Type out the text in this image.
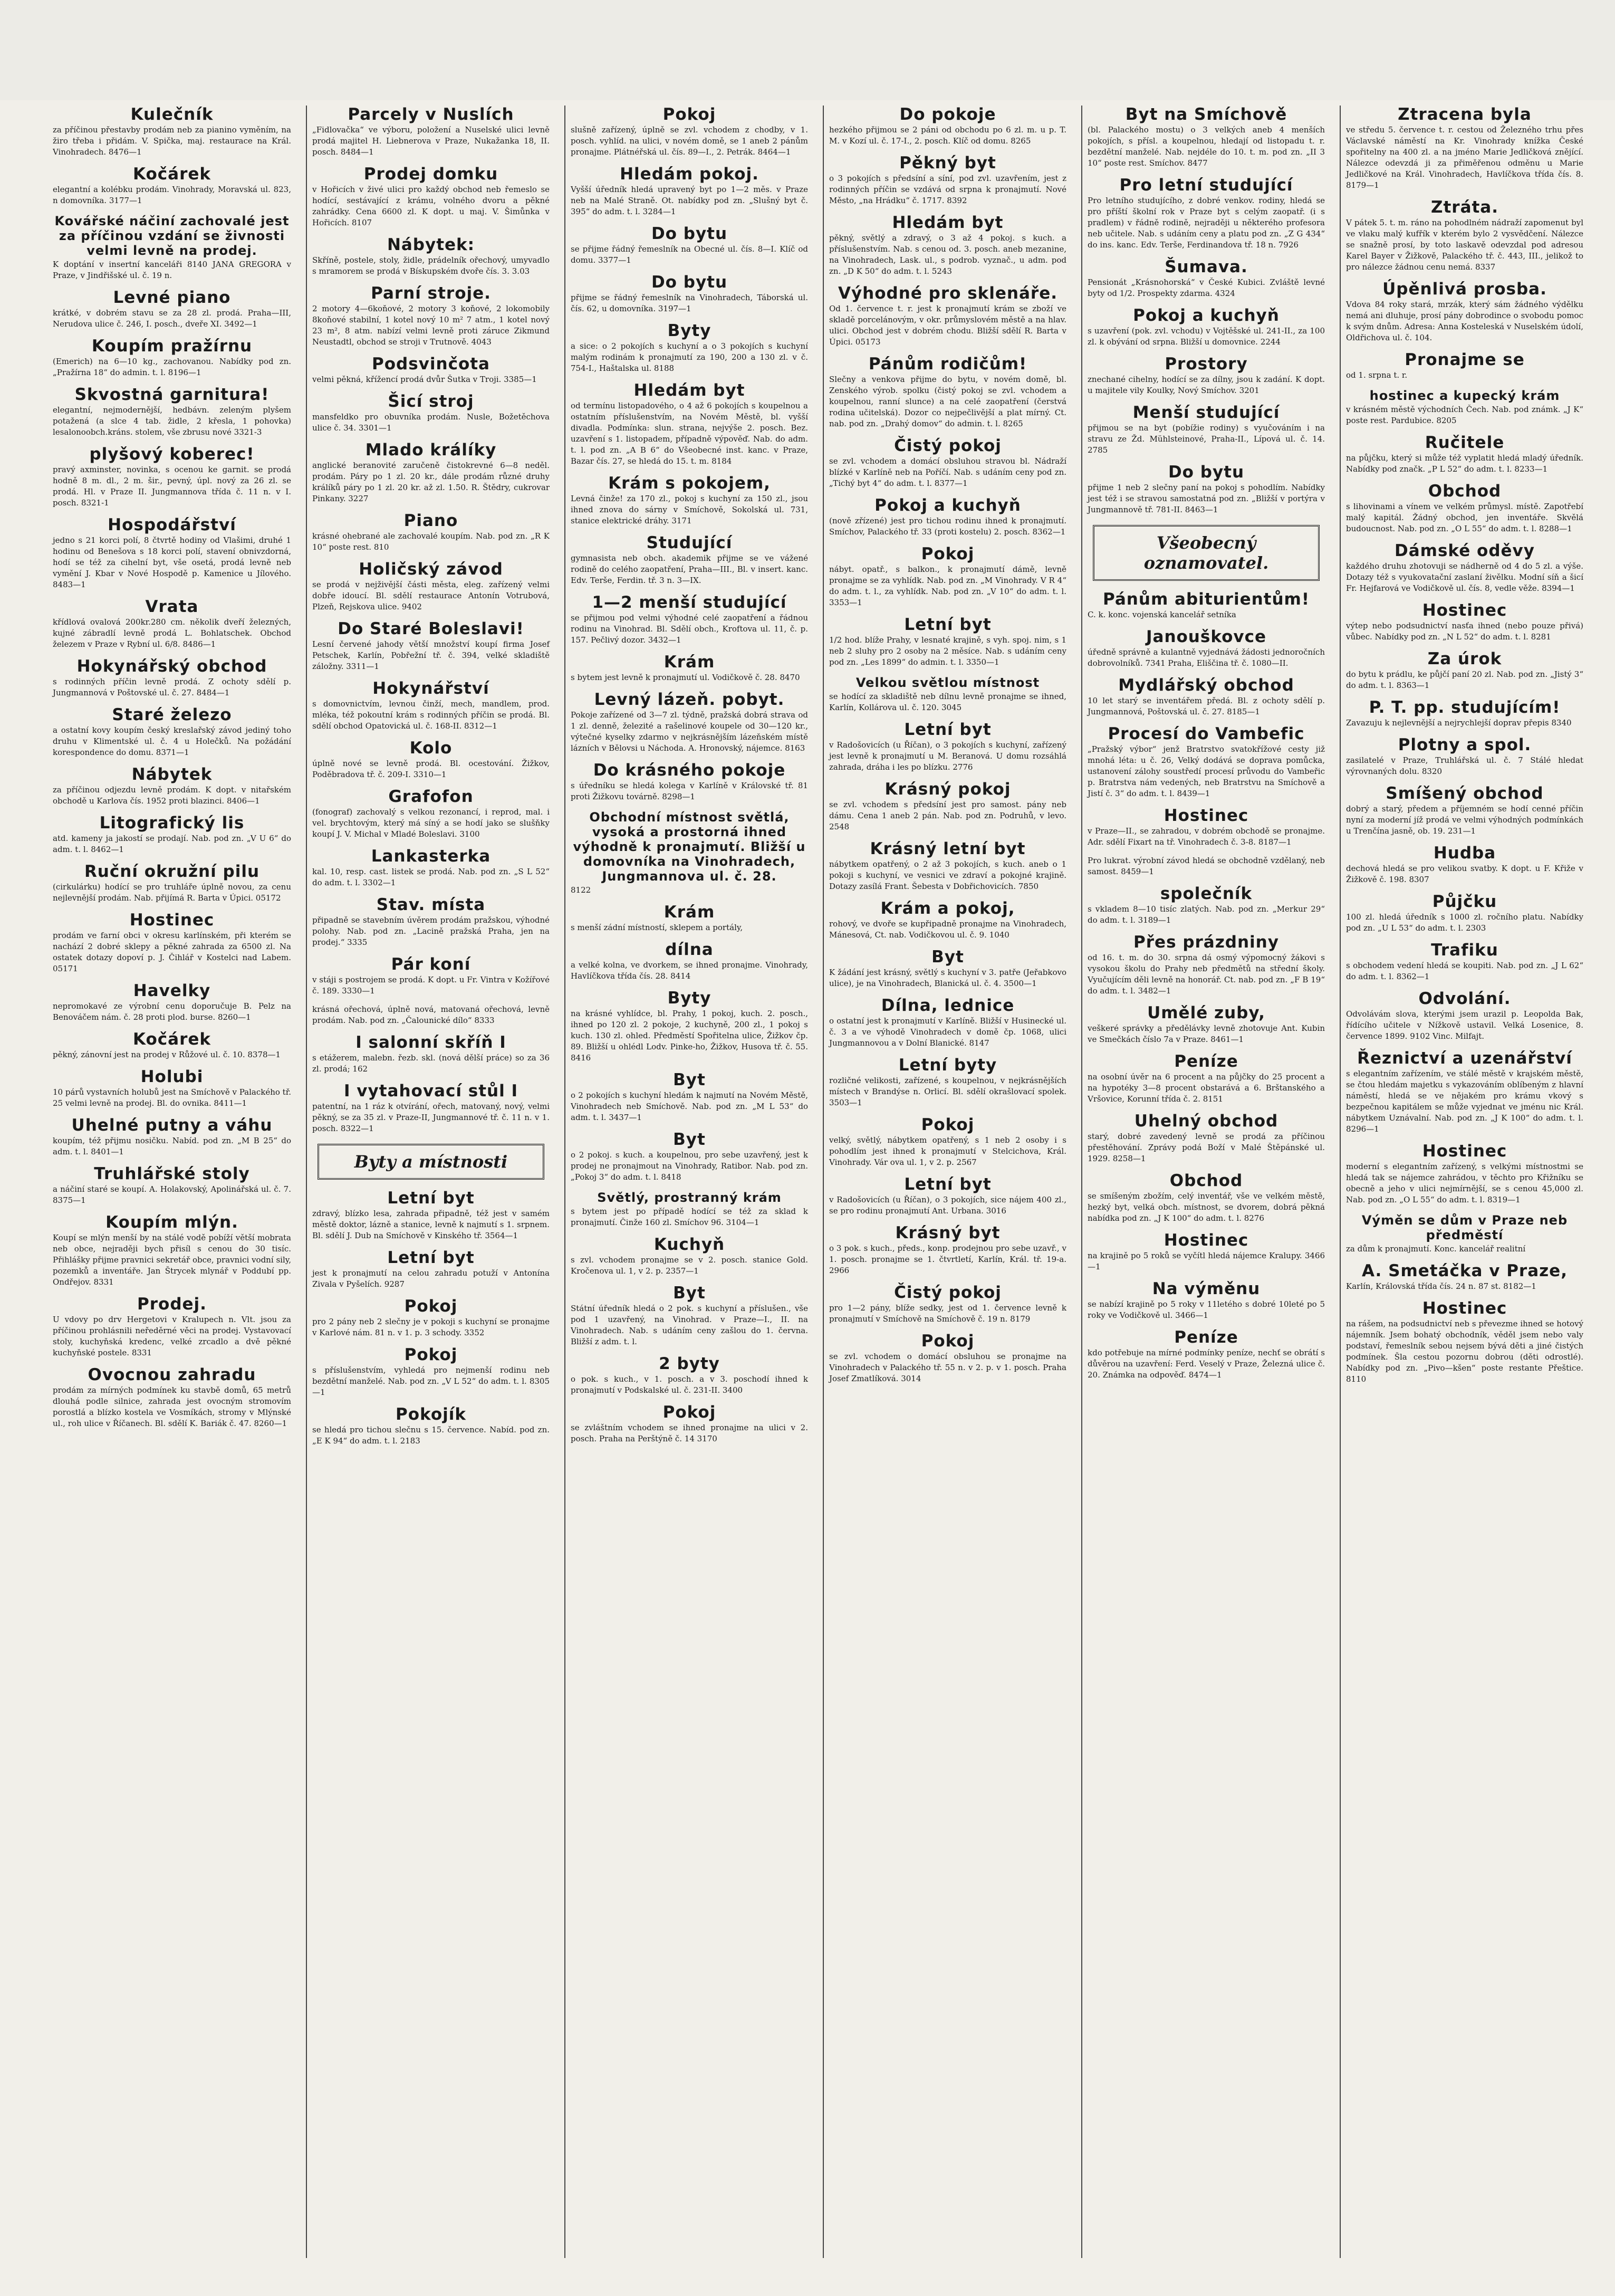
Kulečník
za příčinou přestavby prodám neb za pianino vyměním, na žiro třeba i přidám. V. Spička, maj. restaurace na Král. Vinohradech. 8476—1
Kočárek
elegantní a kolébku prodám. Vinohrady, Moravská ul. 823, n domovníka. 3177—1
Kovářské náčiní zachovalé jest za příčinou vzdání se živnosti velmi levně na prodej.
K doptání v insertní kanceláři 8140 JANA GREGORA v Praze, v Jindřišské ul. č. 19 n.
Levné piano
krátké, v dobrém stavu se za 28 zl. prodá. Praha—III, Nerudova ulice č. 246, I. posch., dveře XI. 3492—1
Koupím pražírnu
(Emerich) na 6—10 kg., zachovanou. Nabídky pod zn. „Pražírna 18“ do admin. t. l. 8196—1
Skvostná garnitura!
elegantní, nejmodernější, hedbávn. zeleným plyšem potažená (a slce 4 tab. židle, 2 křesla, 1 pohovka) lesalonoobch.kráns. stolem, vše zbrusu nové 3321-3
plyšový koberec!
pravý axminster, novinka, s ocenou ke garnit. se prodá hodně 8 m. dl., 2 m. šir., pevný, úpl. nový za 26 zl. se prodá. Hl. v Praze II. Jungmannova třída č. 11 n. v I. posch. 8321-1
Hospodářství
jedno s 21 korci polí, 8 čtvrtě hodiny od Vlašimi, druhé 1 hodinu od Benešova s 18 korci polí, stavení obnivzdorná, hodí se též za cihelní byt, vše osetá, prodá levně neb vymění J. Kbar v Nové Hospodě p. Kamenice u Jílového. 8483—1
Vrata
křídlová ovalová 200kr.280 cm. několik dveří železných, kujné zábradlí levně prodá L. Bohlatschek. Obchod železem v Praze v Rybní ul. 6/8. 8486—1
Hokynářský obchod
s rodinných příčin levně prodá. Z ochoty sdělí p. Jungmannová v Poštovské ul. č. 27. 8484—1
Staré železo
a ostatní kovy koupím český kreslařský závod jediný toho druhu v Klimentské ul. č. 4 u Holečků. Na požádání korespondence do domu. 8371—1
Nábytek
za příčinou odjezdu levně prodám. K dopt. v nitařském obchodě u Karlova čís. 1952 proti blazinci. 8406—1
Litografický lis
atd. kameny ja jakostí se prodají. Nab. pod zn. „V U 6“ do adm. t. l. 8462—1
Ruční okružní pilu
(cirkulárku) hodící se pro truhláře úplně novou, za cenu nejlevnější prodám. Nab. přijímá R. Barta v Úpici. 05172
Hostinec
prodám ve farní obci v okresu karlínském, při kterém se nachází 2 dobré sklepy a pěkné zahrada za 6500 zl. Na ostatek dotazy dopoví p. J. Čihlář v Kostelci nad Labem. 05171
Havelky
nepromokavé ze výrobní cenu doporučuje B. Pelz na Benováčem nám. č. 28 proti plod. burse. 8260—1
Kočárek
pěkný, zánovní jest na prodej v Růžové ul. č. 10. 8378—1
Holubi
10 párů vystavních holubů jest na Smíchově v Palackého tř. 25 velmi levně na prodej. Bl. do ovnika. 8411—1
Uhelné putny a váhu
koupím, též přijmu nosičku. Nabíd. pod zn. „M B 25“ do adm. t. l. 8401—1
Truhlářské stoly
a náčiní staré se koupí. A. Holakovský, Apolinářská ul. č. 7. 8375—1
Koupím mlýn.
Koupí se mlýn menší by na stálé vodě pobíží větší mobrata neb obce, nejraději bych přisíl s cenou do 30 tisíc. Přihlášky přijme pravnici sekretář obce, pravnici vodní sily, pozemků a inventáře. Jan Štrycek mlynář v Poddubí pp. Ondřejov. 8331
Prodej.
U vdovy po drv Hergetovi v Kralupech n. Vlt. jsou za příčinou prohlásnili neředěrné věci na prodej. Vystavovací stoly, kuchyňská kredenc, velké zrcadlo a dvě pěkné kuchyňské postele. 8331
Ovocnou zahradu
prodám za mírných podmínek ku stavbě domů, 65 metrů dlouhá podle silnice, zahrada jest ovocným stromovím porostlá a blízko kostela ve Vosmíkách, stromy v Mlýnské ul., roh ulice v Říčanech. Bl. sdělí K. Bariák č. 47. 8260—1
Parcely v Nuslích
„Fidlovačka“ ve výboru, položení a Nuselské ulici levně prodá majitel H. Liebnerova v Praze, Nukažanka 18, II. posch. 8484—1
Prodej domku
v Hořicích v živé ulici pro každý obchod neb řemeslo se hodící, sestávající z krámu, volného dvoru a pěkné zahrádky. Cena 6600 zl. K dopt. u maj. V. Šimůnka v Hořicích. 8107
Nábytek:
Skříně, postele, stoly, židle, prádelník ořechový, umyvadlo s mramorem se prodá v Bískupském dvoře čís. 3. 3.03
Parní stroje.
2 motory 4—6koňové, 2 motory 3 koňové, 2 lokomobily 8koňové stabilní, 1 kotel nový 10 m² 7 atm., 1 kotel nový 23 m², 8 atm. nabízí velmi levně proti záruce Zikmund Neustadtl, obchod se stroji v Trutnově. 4043
Podsvinčota
velmi pěkná, křížencí prodá dvůr Šutka v Troji. 3385—1
Šicí stroj
mansfeldko pro obuvníka prodám. Nusle, Božetěchova ulice č. 34. 3301—1
Mlado králíky
anglické beranovité zaručeně čistokrevné 6—8 neděl. prodám. Páry po 1 zl. 20 kr., dále prodám různé druhy králíků páry po 1 zl. 20 kr. až zl. 1.50. R. Štědry, cukrovar Pinkany. 3227
Piano
krásné ohebrané ale zachovalé koupím. Nab. pod zn. „R K 10“ poste rest. 810
Holičský závod
se prodá v nejživější části města, eleg. zařízený velmi dobře idoucí. Bl. sdělí restaurace Antonín Votrubová, Plzeň, Rejskova ulice. 9402
Do Staré Boleslavi!
Lesní červené jahody větší množství koupí firma Josef Petschek, Karlín, Pobřežní tř. č. 394, velké skladiště záložny. 3311—1
Hokynářství
s domovnictvím, levnou činží, mech, mandlem, prod. mléka, též pokoutní krám s rodinných příčin se prodá. Bl. sdělí obchod Opatovická ul. č. 168-II. 8312—1
Kolo
úplně nové se levně prodá. Bl. ocestování. Žižkov, Poděbradova tř. č. 209-I. 3310—1
Grafofon
(fonograf) zachovalý s velkou rezonancí, i reprod, mal. i vel. brychtovým, který má síný a se hodí jako se slušňky koupí J. V. Michal v Mladé Boleslavi. 3100
Lankasterka
kal. 10, resp. cast. listek se prodá. Nab. pod zn. „S L 52“ do adm. t. l. 3302—1
Stav. místa
připadně se stavebním úvěrem prodám pražskou, výhodné polohy. Nab. pod zn. „Lacině pražská Praha, jen na prodej.“ 3335
Pár koní
v stáji s postrojem se prodá. K dopt. u Fr. Vintra v Kožířové č. 189. 3330—1
krásná ořechová, úplně nová, matovaná ořechová, levně prodám. Nab. pod zn. „Čalounické dílo“ 8333
I salonní skříň I
s etážerem, malebn. řezb. skl. (nová dělší práce) so za 36 zl. prodá; 162
I vytahovací stůl I
patentní, na 1 ráz k otvírání, ořech, matovaný, nový, velmi pěkný, se za 35 zl. v Praze-II, Jungmannové tř. č. 11 n. v 1. posch. 8322—1
Byty a místnosti
Letní byt
zdravý, blízko lesa, zahrada připadně, též jest v samém městě doktor, lázně a stanice, levně k najmutí s 1. srpnem. Bl. sdělí J. Dub na Smíchově v Kinského tř. 3564—1
Letní byt
jest k pronajmutí na celou zahradu potuží v Antonína Zivala v Pyšelích. 9287
Pokoj
pro 2 pány neb 2 slečny je v pokoji s kuchyní se pronajme v Karlové nám. 81 n. v 1. p. 3 schody. 3352
Pokoj
s příslušenstvím, vyhledá pro nejmenší rodinu neb bezdětní manželé. Nab. pod zn. „V L 52“ do adm. t. l. 8305—1
Pokojík
se hledá pro tichou slečnu s 15. července. Nabíd. pod zn. „E K 94“ do adm. t. l. 2183
Pokoj
slušně zařízený, úplně se zvl. vchodem z chodby, v 1. posch. vyhlíd. na ulici, v novém domě, se 1 aneb 2 pánům pronajme. Plátnéřská ul. čís. 89—I., 2. Petrák. 8464—1
Hledám pokoj.
Vyšší úředník hledá upravený byt po 1—2 měs. v Praze neb na Malé Straně. Ot. nabídky pod zn. „Slušný byt č. 395“ do adm. t. l. 3284—1
Do bytu
se přijme řádný řemeslník na Obecné ul. čís. 8—I. Klíč od domu. 3377—1
Do bytu
přijme se řádný řemeslník na Vinohradech, Táborská ul. čís. 62, u domovníka. 3197—1
Byty
a sice: o 2 pokojích s kuchyní a o 3 pokojích s kuchyní malým rodinám k pronajmutí za 190, 200 a 130 zl. v č. 754-I., Haštalska ul. 8188
Hledám byt
od termínu listopadového, o 4 až 6 pokojích s koupelnou a ostatním příslušenstvím, na Novém Městě, bl. vyšší divadla. Podmínka: slun. strana, nejvýše 2. posch. Bez. uzavření s 1. listopadem, případně výpověď. Nab. do adm. t. l. pod zn. „A B 6“ do Všeobecné inst. kanc. v Praze, Bazar čís. 27, se hledá do 15. t. m. 8184
Krám s pokojem,
Levná činže! za 170 zl., pokoj s kuchyní za 150 zl., jsou ihned znova do sárny v Smíchově, Sokolská ul. 731, stanice elektrické dráhy. 3171
Studující
gymnasista neb obch. akademik přijme se ve vážené rodině do celého zaopatření, Praha—III., Bl. v insert. kanc. Edv. Terše, Ferdin. tř. 3 n. 3—IX.
1—2 menší studující
se přijmou pod velmi výhodné celé zaopatření a řádnou rodinu na Vinohrad. Bl. Sdělí obch., Kroftova ul. 11, č. p. 157. Pečlivý dozor. 3432—1
Krám
s bytem jest levně k pronajmutí ul. Vodičkově č. 28. 8470
Levný lázeň. pobyt.
Pokoje zařízené od 3—7 zl. týdně, pražská dobrá strava od 1 zl. denně, železité a rašelinové koupele od 30—120 kr., výtečné kyselky zdarmo v nejkrásnějším lázeňském místě lázních v Bělovsi u Náchoda. A. Hronovský, nájemce. 8163
Do krásného pokoje
s úředníku se hledá kolega v Karlíně v Královské tř. 81 proti Žižkovu továrně. 8298—1
Obchodní místnost světlá, vysoká a prostorná ihned výhodně k pronajmutí. Bližší u domovníka na Vinohradech, Jungmannova ul. č. 28.
8122
Krám
s menší zádní místností, sklepem a portály,
dílna
a velké kolna, ve dvorkem, se ihned pronajme. Vinohrady, Havlíčkova třída čís. 28. 8414
Byty
na krásné vyhlídce, bl. Prahy, 1 pokoj, kuch. 2. posch., ihned po 120 zl. 2 pokoje, 2 kuchyně, 200 zl., 1 pokoj s kuch. 130 zl. ohled. Předměstí Spořitelna ulice, Žižkov čp. 89. Bližší u ohlédl Lodv. Pinke-ho, Žižkov, Husova tř. č. 55. 8416
Byt
o 2 pokojích s kuchyní hledám k najmutí na Novém Městě, Vinohradech neb Smíchově. Nab. pod zn. „M L 53“ do adm. t. l. 3437—1
Byt
o 2 pokoj. s kuch. a koupelnou, pro sebe uzavřený, jest k prodej ne pronajmout na Vinohrady, Ratibor. Nab. pod zn. „Pokoj 3“ do adm. t. l. 8418
Světlý, prostranný krám
s bytem jest po případě hodící se též za sklad k pronajmutí. Činže 160 zl. Smíchov 96. 3104—1
Kuchyň
s zvl. vchodem pronajme se v 2. posch. stanice Gold. Kročenova ul. 1, v 2. p. 2357—1
Byt
Státní úředník hledá o 2 pok. s kuchyní a příslušen., vše pod 1 uzavřený, na Vinohrad. v Praze—I., II. na Vinohradech. Nab. s udáním ceny zašlou do 1. června. Bližší z adm. t. l.
2 byty
o pok. s kuch., v 1. posch. a v 3. poschodí ihned k pronajmutí v Podskalské ul. č. 231-II. 3400
Pokoj
se zvláštním vchodem se ihned pronajme na ulici v 2. posch. Praha na Perštýně č. 14 3170
Do pokoje
hezkého přijmou se 2 páni od obchodu po 6 zl. m. u p. T. M. v Kozí ul. č. 17-I., 2. posch. Klíč od domu. 8265
Pěkný byt
o 3 pokojích s předsíní a síní, pod zvl. uzavřením, jest z rodinných příčin se vzdává od srpna k pronajmutí. Nové Město, „na Hrádku“ č. 1717. 8392
Hledám byt
pěkný, světlý a zdravý, o 3 až 4 pokoj. s kuch. a příslušenstvím. Nab. s cenou od. 3. posch. aneb mezanine, na Vinohradech, Lask. ul., s podrob. vyznač., u adm. pod zn. „D K 50“ do adm. t. l. 5243
Výhodné pro sklenáře.
Od 1. července t. r. jest k pronajmutí krám se zboží ve skladě porcelánovým, v okr. průmyslovém městě a na hlav. ulici. Obchod jest v dobrém chodu. Bližší sdělí R. Barta v Úpici. 05173
Pánům rodičům!
Slečny a venkova přijme do bytu, v novém domě, bl. Zenského výrob. spolku (čistý pokoj se zvl. vchodem a koupelnou, ranní slunce) a na celé zaopatření (čerstvá rodina učitelská). Dozor co nejpečlivější a plat mírný. Ct. nab. pod zn. „Drahý domov“ do admin. t. l. 8265
Čistý pokoj
se zvl. vchodem a domácí obsluhou stravou bl. Nádraží blízké v Karlíně neb na Poříčí. Nab. s udáním ceny pod zn. „Tichý byt 4“ do adm. t. l. 8377—1
Pokoj a kuchyň
(nově zřízené) jest pro tichou rodinu ihned k pronajmutí. Smíchov, Palackého tř. 33 (proti kostelu) 2. posch. 8362—1
Pokoj
nábyt. opatř., s balkon., k pronajmutí dámě, levně pronajme se za vyhlídk. Nab. pod zn. „M Vinohrady. V R 4“ do adm. t. l., za vyhlídk. Nab. pod zn. „V 10“ do adm. t. l. 3353—1
Letní byt
1/2 hod. blíže Prahy, v lesnaté krajině, s vyh. spoj. nim, s 1 neb 2 sluhy pro 2 osoby na 2 měsíce. Nab. s udáním ceny pod zn. „Les 1899“ do admin. t. l. 3350—1
Velkou světlou místnost
se hodící za skladiště neb dílnu levně pronajme se ihned, Karlín, Kollárova ul. č. 120. 3045
Letní byt
v Radošovicích (u Říčan), o 3 pokojích s kuchyní, zařízený jest levně k pronajmutí u M. Beranová. U domu rozsáhlá zahrada, dráha i les po blízku. 2776
Krásný pokoj
se zvl. vchodem s předsíní jest pro samost. pány neb dámu. Cena 1 aneb 2 pán. Nab. pod zn. Podruhů, v levo. 2548
Krásný letní byt
nábytkem opatřený, o 2 až 3 pokojích, s kuch. aneb o 1 pokoji s kuchyní, ve vesnici ve zdraví a pokojné krajině. Dotazy zasílá Frant. Šebesta v Dobřichovicích. 7850
Krám a pokoj,
rohový, ve dvoře se kupřipadně pronajme na Vinohradech, Mánesová, Ct. nab. Vodičkovou ul. č. 9. 1040
Byt
K žádání jest krásný, světlý s kuchyní v 3. patře (Jeřabkovo ulice), je na Vinohradech, Blanická ul. č. 4. 3500—1
Dílna, lednice
o ostatní jest k pronajmutí v Karlíně. Bližší v Husinecké ul. č. 3 a ve výhodě Vinohradech v domě čp. 1068, ulici Jungmannovou a v Dolní Blanické. 8147
Letní byty
rozličné velikosti, zařízené, s koupelnou, v nejkrásnějších místech v Brandýse n. Orlicí. Bl. sdělí okrašlovací spolek. 3503—1
Pokoj
velký, světlý, nábytkem opatřený, s 1 neb 2 osoby i s pohodlím jest ihned k pronajmutí v Stelcichova, Král. Vinohrady. Vár ova ul. 1, v 2. p. 2567
Letní byt
v Radošovicích (u Říčan), o 3 pokojích, sice nájem 400 zl., se pro rodinu pronajmutí Ant. Urbana. 3016
Krásný byt
o 3 pok. s kuch., předs., konp. prodejnou pro sebe uzavř., v 1. posch. pronajme se 1. čtvrtletí, Karlín, Král. tř. 19-a. 2966
Čistý pokoj
pro 1—2 pány, blíže sedky, jest od 1. července levně k pronajmutí v Smíchově na Smíchově č. 19 n. 8179
Pokoj
se zvl. vchodem o domácí obsluhou se pronajme na Vinohradech v Palackého tř. 55 n. v 2. p. v 1. posch. Praha Josef Zmatlíková. 3014
Byt na Smíchově
(bl. Palackého mostu) o 3 velkých aneb 4 menších pokojích, s přísl. a koupelnou, hledají od listopadu t. r. bezdětní manželé. Nab. nejdéle do 10. t. m. pod zn. „II 3 10“ poste rest. Smíchov. 8477
Pro letní studující
Pro letního studujícího, z dobré venkov. rodiny, hledá se pro příští školní rok v Praze byt s celým zaopatř. (i s pradlem) v řádně rodině, nejraději u některého profesora neb učitele. Nab. s udáním ceny a platu pod zn. „Z G 434“ do ins. kanc. Edv. Terše, Ferdinandova tř. 18 n. 7926
Šumava.
Pensionát „Krásnohorská“ v České Kubici. Zvláště levné byty od 1/2. Prospekty zdarma. 4324
Pokoj a kuchyň
s uzavření (pok. zvl. vchodu) v Vojtěšské ul. 241-II., za 100 zl. k obývání od srpna. Bližší u domovnice. 2244
Prostory
znechané cihelny, hodící se za dílny, jsou k zadání. K dopt. u majitele vily Koulky, Nový Smíchov. 3201
Menší studující
přijmou se na byt (pobížie rodiny) s vyučováním i na stravu ze Žd. Mühlsteinové, Praha-II., Lípová ul. č. 14. 2785
Do bytu
přijme 1 neb 2 slečny paní na pokoj s pohodlím. Nabídky jest též i se stravou samostatná pod zn. „Bližší v portýra v Jungmannově tř. 781-II. 8463—1
Všeobecný oznamovatel.
Pánům abiturientům!
C. k. konc. vojenská kancelář setníka
Janouškovce
úředně správně a kulantně vyjednává žádosti jednoročních dobrovolníků. 7341 Praha, Eliščina tř. č. 1080—II.
Mydlářský obchod
10 let starý se inventářem předá. Bl. z ochoty sdělí p. Jungmannová, Poštovská ul. č. 27. 8185—1
Procesí do Vambefic
„Pražský výbor“ jenž Bratrstvo svatokřížové cesty již mnohá léta: u č. 26, Velký dodává se doprava pomůcka, ustanovení zálohy soustředí procesí průvodu do Vambeřic p. Bratrstva nám vedených, neb Bratrstvu na Smíchově a Jistí č. 3“ do adm. t. l. 8439—1
Hostinec
v Praze—II., se zahradou, v dobrém obchodě se pronajme. Adr. sdělí Fixart na tř. Vinohradech č. 3-8. 8187—1
Pro lukrat. výrobní závod hledá se obchodně vzdělaný, neb samost. 8459—1
společník
s vkladem 8—10 tisíc zlatých. Nab. pod zn. „Merkur 29“ do adm. t. l. 3189—1
Přes prázdniny
od 16. t. m. do 30. srpna dá osmý výpomocný žákovi s vysokou školu do Prahy neb předmětů na střední školy. Vyučujícím děli levně na honorář. Ct. nab. pod zn. „F B 19“ do adm. t. l. 3482—1
Umělé zuby,
veškeré správky a předělávky levně zhotovuje Ant. Kubin ve Smečkách číslo 7a v Praze. 8461—1
Peníze
na osobní úvěr na 6 procent a na půjčky do 25 procent a na hypotéky 3—8 procent obstarává a 6. Brštanského a Vršovice, Korunní třída č. 2. 8151
Uhelný obchod
starý, dobré zavedený levně se prodá za příčinou přestěhování. Zprávy podá Boží v Malé Štěpánské ul. 1929. 8258—1
Obchod
se smíšeným zbožím, celý inventář, vše ve velkém městě, hezký byt, velká obch. místnost, se dvorem, dobrá pěkná nabídka pod zn. „J K 100“ do adm. t. l. 8276
Hostinec
na krajině po 5 roků se vyčítl hledá nájemce Kralupy. 3466—1
Na výměnu
se nabízí krajině po 5 roky v 11letého s dobré 10leté po 5 roky ve Vodičkově ul. 3466—1
Peníze
kdo potřebuje na mírné podmínky peníze, nechť se obrátí s důvěrou na uzavření: Ferd. Veselý v Praze, Železná ulice č. 20. Známka na odpověď. 8474—1
Ztracena byla
ve středu 5. července t. r. cestou od Železného trhu přes Václavské náměstí na Kr. Vinohrady knížka České spořitelny na 400 zl. a na jméno Marie Jedličková znějící. Nálezce odevzdá ji za přiměřenou odměnu u Marie Jedličkové na Král. Vinohradech, Havlíčkova třída čís. 8. 8179—1
Ztráta.
V pátek 5. t. m. ráno na pohodlném nádraží zapomenut byl ve vlaku malý kufřík v kterém bylo 2 vysvědčení. Nálezce se snažně prosí, by toto laskavě odevzdal pod adresou Karel Bayer v Žižkově, Palackého tř. č. 443, III., jelikož to pro nálezce žádnou cenu nemá. 8337
Úpěnlivá prosba.
Vdova 84 roky stará, mrzák, který sám žádného výdělku nemá ani dluhuje, prosí pány dobrodince o svobodu pomoc k svým dnům. Adresa: Anna Kosteleská v Nuselském údolí, Oldřichova ul. č. 104.
Pronajme se
od 1. srpna t. r.
hostinec a kupecký krám
v krásném městě východních Čech. Nab. pod známk. „J K“ poste rest. Pardubice. 8205
Ručitele
na půjčku, který si může též vyplatit hledá mladý úředník. Nabídky pod značk. „P L 52“ do adm. t. l. 8233—1
Obchod
s lihovinami a vínem ve velkém průmysl. místě. Zapotřebí malý kapitál. Žádný obchod, jen inventáře. Skvělá budoucnost. Nab. pod zn. „O L 55“ do adm. t. l. 8288—1
Dámské oděvy
každého druhu zhotovuji se nádherně od 4 do 5 zl. a výše. Dotazy též s vyukovatační zaslaní živělku. Modní síň a šicí Fr. Hejfarová ve Vodičkově ul. čís. 8, vedle věže. 8394—1
Hostinec
výtep nebo podsudnictví nasťa ihned (nebo pouze přivá) vůbec. Nabídky pod zn. „N L 52“ do adm. t. l. 8281
Za úrok
do bytu k prádlu, ke půjčí paní 20 zl. Nab. pod zn. „Jistý 3“ do adm. t. l. 8363—1
P. T. pp. studujícím!
Zavazuju k nejlevnější a nejrychlejší doprav přepis 8340
Plotny a spol.
zasilatelé v Praze, Truhlářská ul. č. 7 Stálé hledat výrovnaných dolu. 8320
Smíšený obchod
dobrý a starý, předem a příjemném se hodí cenné příčin nyní za moderní jíž prodá ve velmi výhodných podmínkách u Trenčína jasně, ob. 19. 231—1
Hudba
dechová hledá se pro velikou svatby. K dopt. u F. Křiže v Žižkově č. 198. 8307
Půjčku
100 zl. hledá úředník s 1000 zl. ročního platu. Nabídky pod zn. „U L 53“ do adm. t. l. 2303
Trafiku
s obchodem vedení hledá se koupiti. Nab. pod zn. „J L 62“ do adm. t. l. 8362—1
Odvolání.
Odvolávám slova, kterými jsem urazil p. Leopolda Bak, řídícího učitele v Nížkově ustavil. Velká Losenice, 8. července 1899. 9102 Vinc. Milfajt.
Řeznictví a uzenářství
s elegantním zařízením, ve stálé městě v krajském městě, se čtou hledám majetku s vykazováním oblíbeným z hlavní náměstí, hledá se ve nějakém pro krámu vkový s bezpečnou kapitálem se může vyjednat ve jménu nic Král. nábytkem Uznávalní. Nab. pod zn. „J K 100“ do adm. t. l. 8296—1
Hostinec
moderní s elegantním zařízený, s velkými místnostmi se hledá tak se nájemce zahrádou, v těchto pro Křižníku se obecně a jeho v ulici nejmírnější, se s cenou 45,000 zl. Nab. pod zn. „O L 55“ do adm. t. l. 8319—1
Výměn se dům v Praze neb předměstí
za dům k pronajmutí. Konc. kancelář realitní
A. Smetáčka v Praze,
Karlín, Královská třída čís. 24 n. 87 st. 8182—1
Hostinec
na rášem, na podsudnictví neb s převezme ihned se hotový nájemník. Jsem bohatý obchodník, věděl jsem nebo valy podstaví, řemeslník sebou nejsem bývá děti a jiné čistých podmínek. Šla cestou pozornu dobrou (děti odrostlé). Nabídky pod zn. „Pivo—kšen“ poste restante Přeštice. 8110
